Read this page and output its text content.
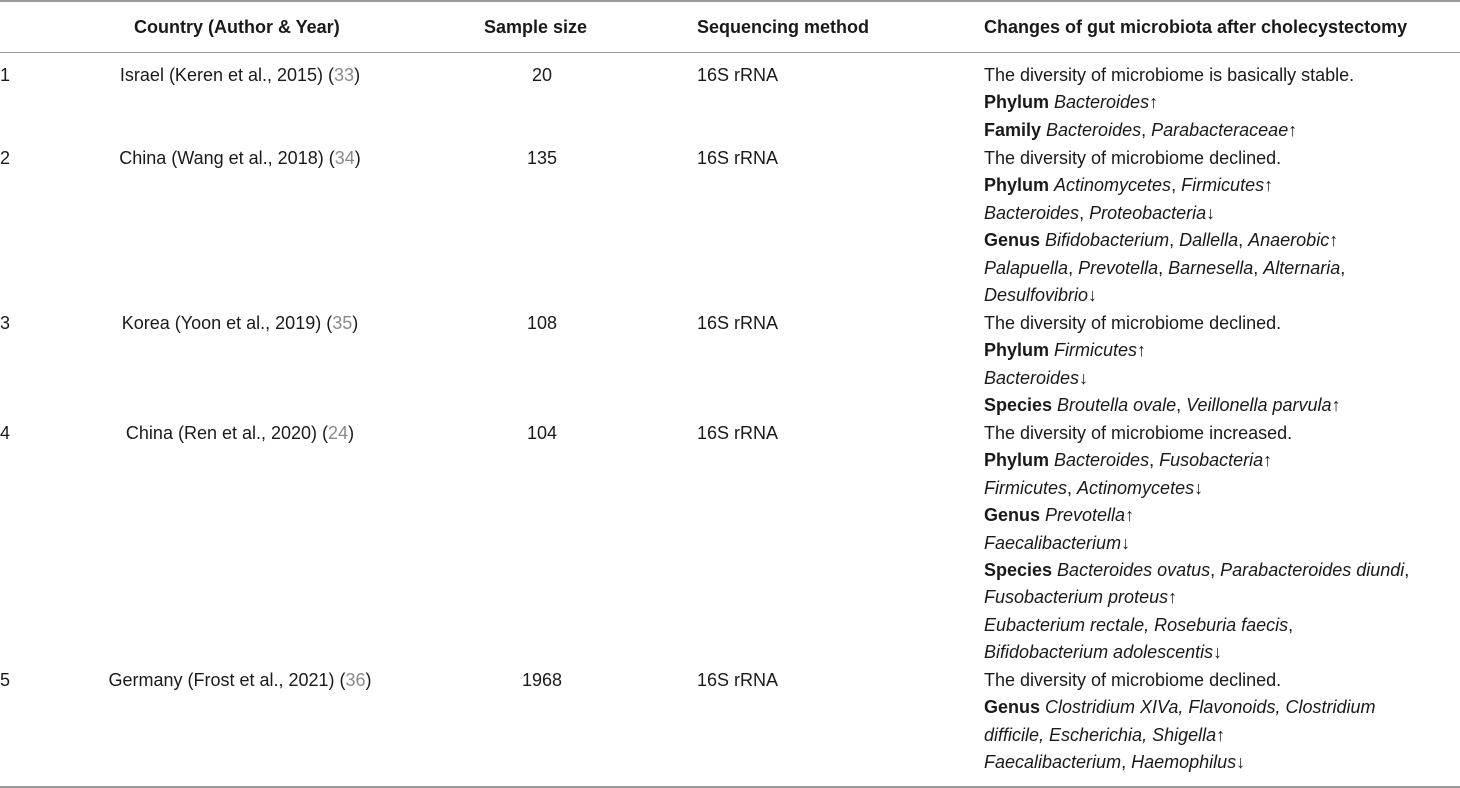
Country (Author & Year)	Sample size	Sequencing method	Changes of gut microbiota after cholecystectomy
1	Israel (Keren et al., 2015) (33)	20	16S rRNA	The diversity of microbiome is basically stable.
Phylum Bacteroides↑
Family Bacteroides, Parabacteraceae↑
2	China (Wang et al., 2018) (34)	135	16S rRNA	The diversity of microbiome declined.
Phylum Actinomycetes, Firmicutes↑
Bacteroides, Proteobacteria↓
Genus Bifidobacterium, Dallella, Anaerobic↑
Palapuella, Prevotella, Barnesella, Alternaria,
Desulfovibrio↓
3	Korea (Yoon et al., 2019) (35)	108	16S rRNA	The diversity of microbiome declined.
Phylum Firmicutes↑
Bacteroides↓
Species Broutella ovale, Veillonella parvula↑
4	China (Ren et al., 2020) (24)	104	16S rRNA	The diversity of microbiome increased.
Phylum Bacteroides, Fusobacteria↑
Firmicutes, Actinomycetes↓
Genus Prevotella↑
Faecalibacterium↓
Species Bacteroides ovatus, Parabacteroides diundi,
Fusobacterium proteus↑
Eubacterium rectale, Roseburia faecis,
Bifidobacterium adolescentis↓
5	Germany (Frost et al., 2021) (36)	1968	16S rRNA	The diversity of microbiome declined.
Genus Clostridium XIVa, Flavonoids, Clostridium
difficile, Escherichia, Shigella↑
Faecalibacterium, Haemophilus↓
